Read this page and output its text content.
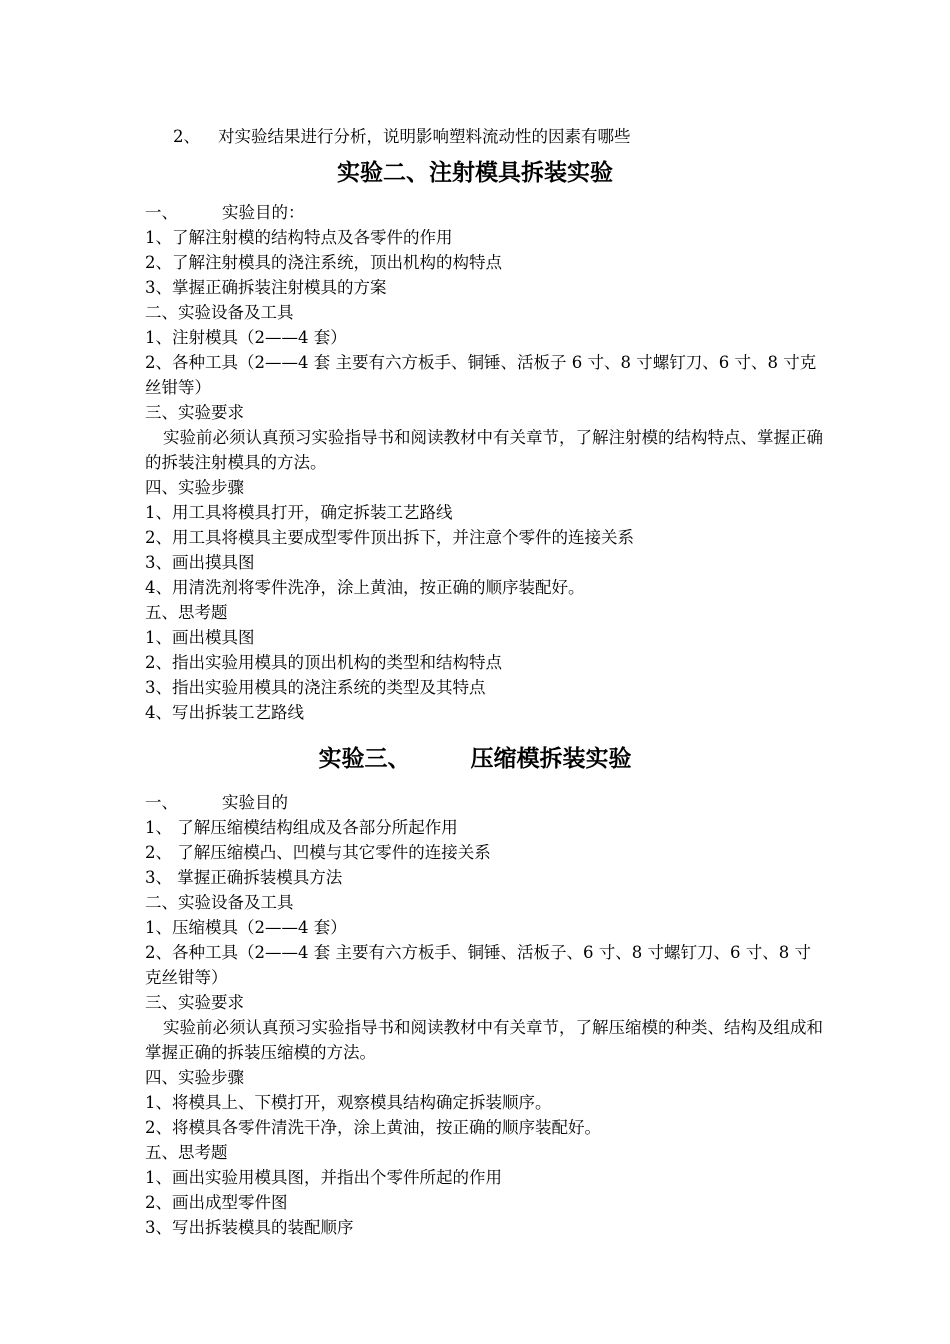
2、 对实验结果进行分析，说明影响塑料流动性的因素有哪些
实验二、注射模具拆装实验
一、	实验目的：
1、了解注射模的结构特点及各零件的作用
2、了解注射模具的浇注系统，顶出机构的构特点
3、掌握正确拆装注射模具的方案
二、实验设备及工具
1、注射模具（2——4 套）
2、各种工具（2——4 套 主要有六方板手、铜锤、活板子 6 寸、8 寸螺钉刀、6 寸、8 寸克丝钳等）
三、实验要求
实验前必须认真预习实验指导书和阅读教材中有关章节，了解注射模的结构特点、掌握正确的拆装注射模具的方法。
四、实验步骤
1、用工具将模具打开，确定拆装工艺路线
2、用工具将模具主要成型零件顶出拆下，并注意个零件的连接关系
3、画出摸具图
4、用清洗剂将零件洗净，涂上黄油，按正确的顺序装配好。
五、思考题
1、画出模具图
2、指出实验用模具的顶出机构的类型和结构特点
3、指出实验用模具的浇注系统的类型及其特点
4、写出拆装工艺路线
实验三、	压缩模拆装实验
一、	实验目的
1、 了解压缩模结构组成及各部分所起作用
2、 了解压缩模凸、凹模与其它零件的连接关系
3、 掌握正确拆装模具方法
二、实验设备及工具
1、压缩模具（2——4 套）
2、各种工具（2——4 套 主要有六方板手、铜锤、活板子、6 寸、8 寸螺钉刀、6 寸、8 寸克丝钳等）
三、实验要求
实验前必须认真预习实验指导书和阅读教材中有关章节，了解压缩模的种类、结构及组成和掌握正确的拆装压缩模的方法。
四、实验步骤
1、将模具上、下模打开，观察模具结构确定拆装顺序。
2、将模具各零件清洗干净，涂上黄油，按正确的顺序装配好。
五、思考题
1、画出实验用模具图，并指出个零件所起的作用
2、画出成型零件图
3、写出拆装模具的装配顺序
